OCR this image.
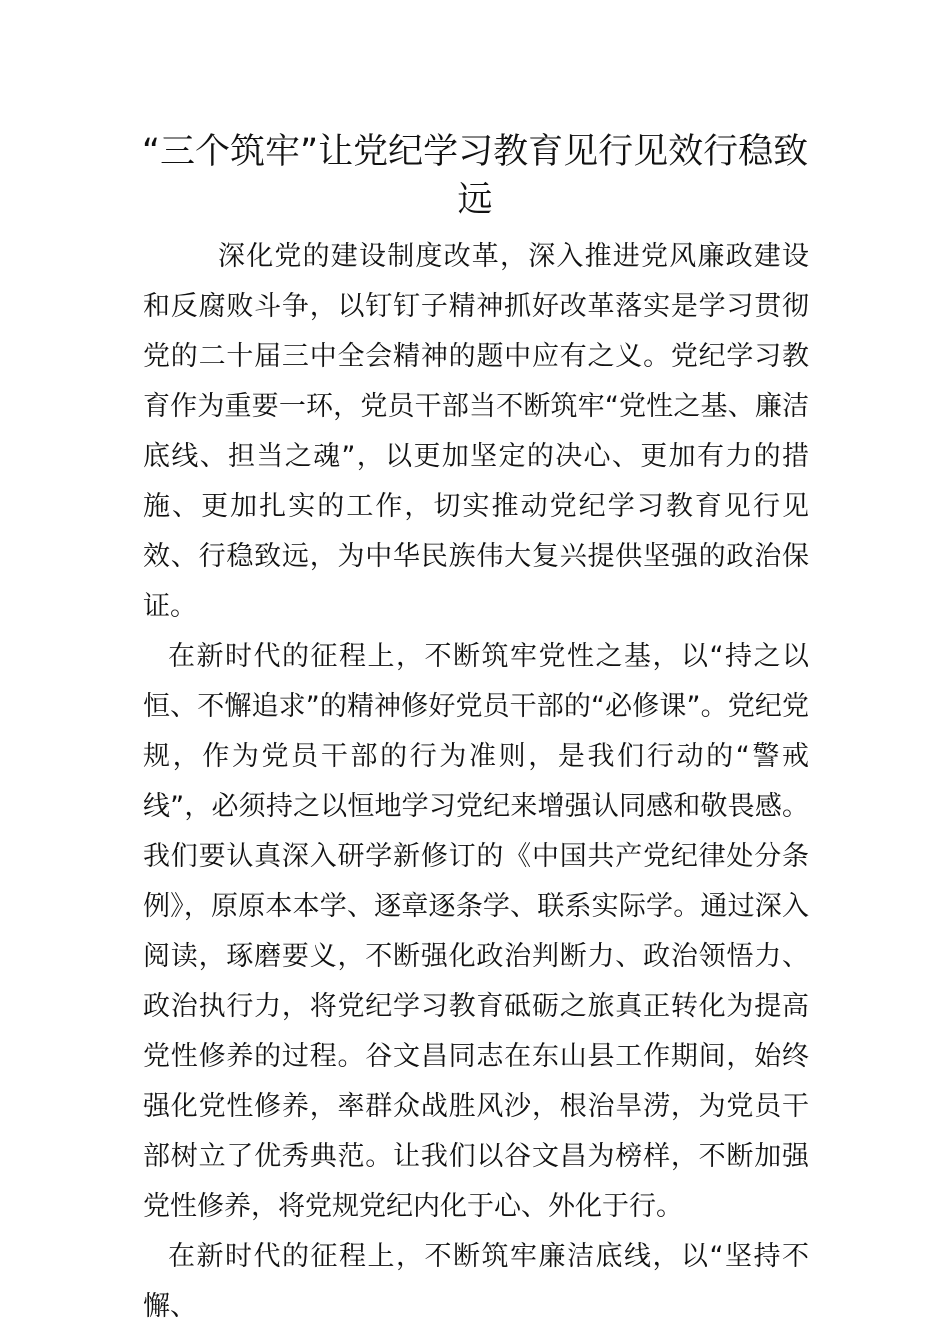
“三个筑牢”让党纪学习教育见行见效行稳致远

深化党的建设制度改革，深入推进党风廉政建设和反腐败斗争，以钉钉子精神抓好改革落实是学习贯彻党的二十届三中全会精神的题中应有之义。党纪学习教育作为重要一环，党员干部当不断筑牢“党性之基、廉洁底线、担当之魂”，以更加坚定的决心、更加有力的措施、更加扎实的工作，切实推动党纪学习教育见行见效、行稳致远，为中华民族伟大复兴提供坚强的政治保证。

在新时代的征程上，不断筑牢党性之基，以“持之以恒、不懈追求”的精神修好党员干部的“必修课”。党纪党规，作为党员干部的行为准则，是我们行动的“警戒线”，必须持之以恒地学习党纪来增强认同感和敬畏感。我们要认真深入研学新修订的《中国共产党纪律处分条例》，原原本本学、逐章逐条学、联系实际学。通过深入阅读，琢磨要义，不断强化政治判断力、政治领悟力、政治执行力，将党纪学习教育砥砺之旅真正转化为提高党性修养的过程。谷文昌同志在东山县工作期间，始终强化党性修养，率群众战胜风沙，根治旱涝，为党员干部树立了优秀典范。让我们以谷文昌为榜样，不断加强党性修养，将党规党纪内化于心、外化于行。

在新时代的征程上，不断筑牢廉洁底线，以“坚持不懈、
